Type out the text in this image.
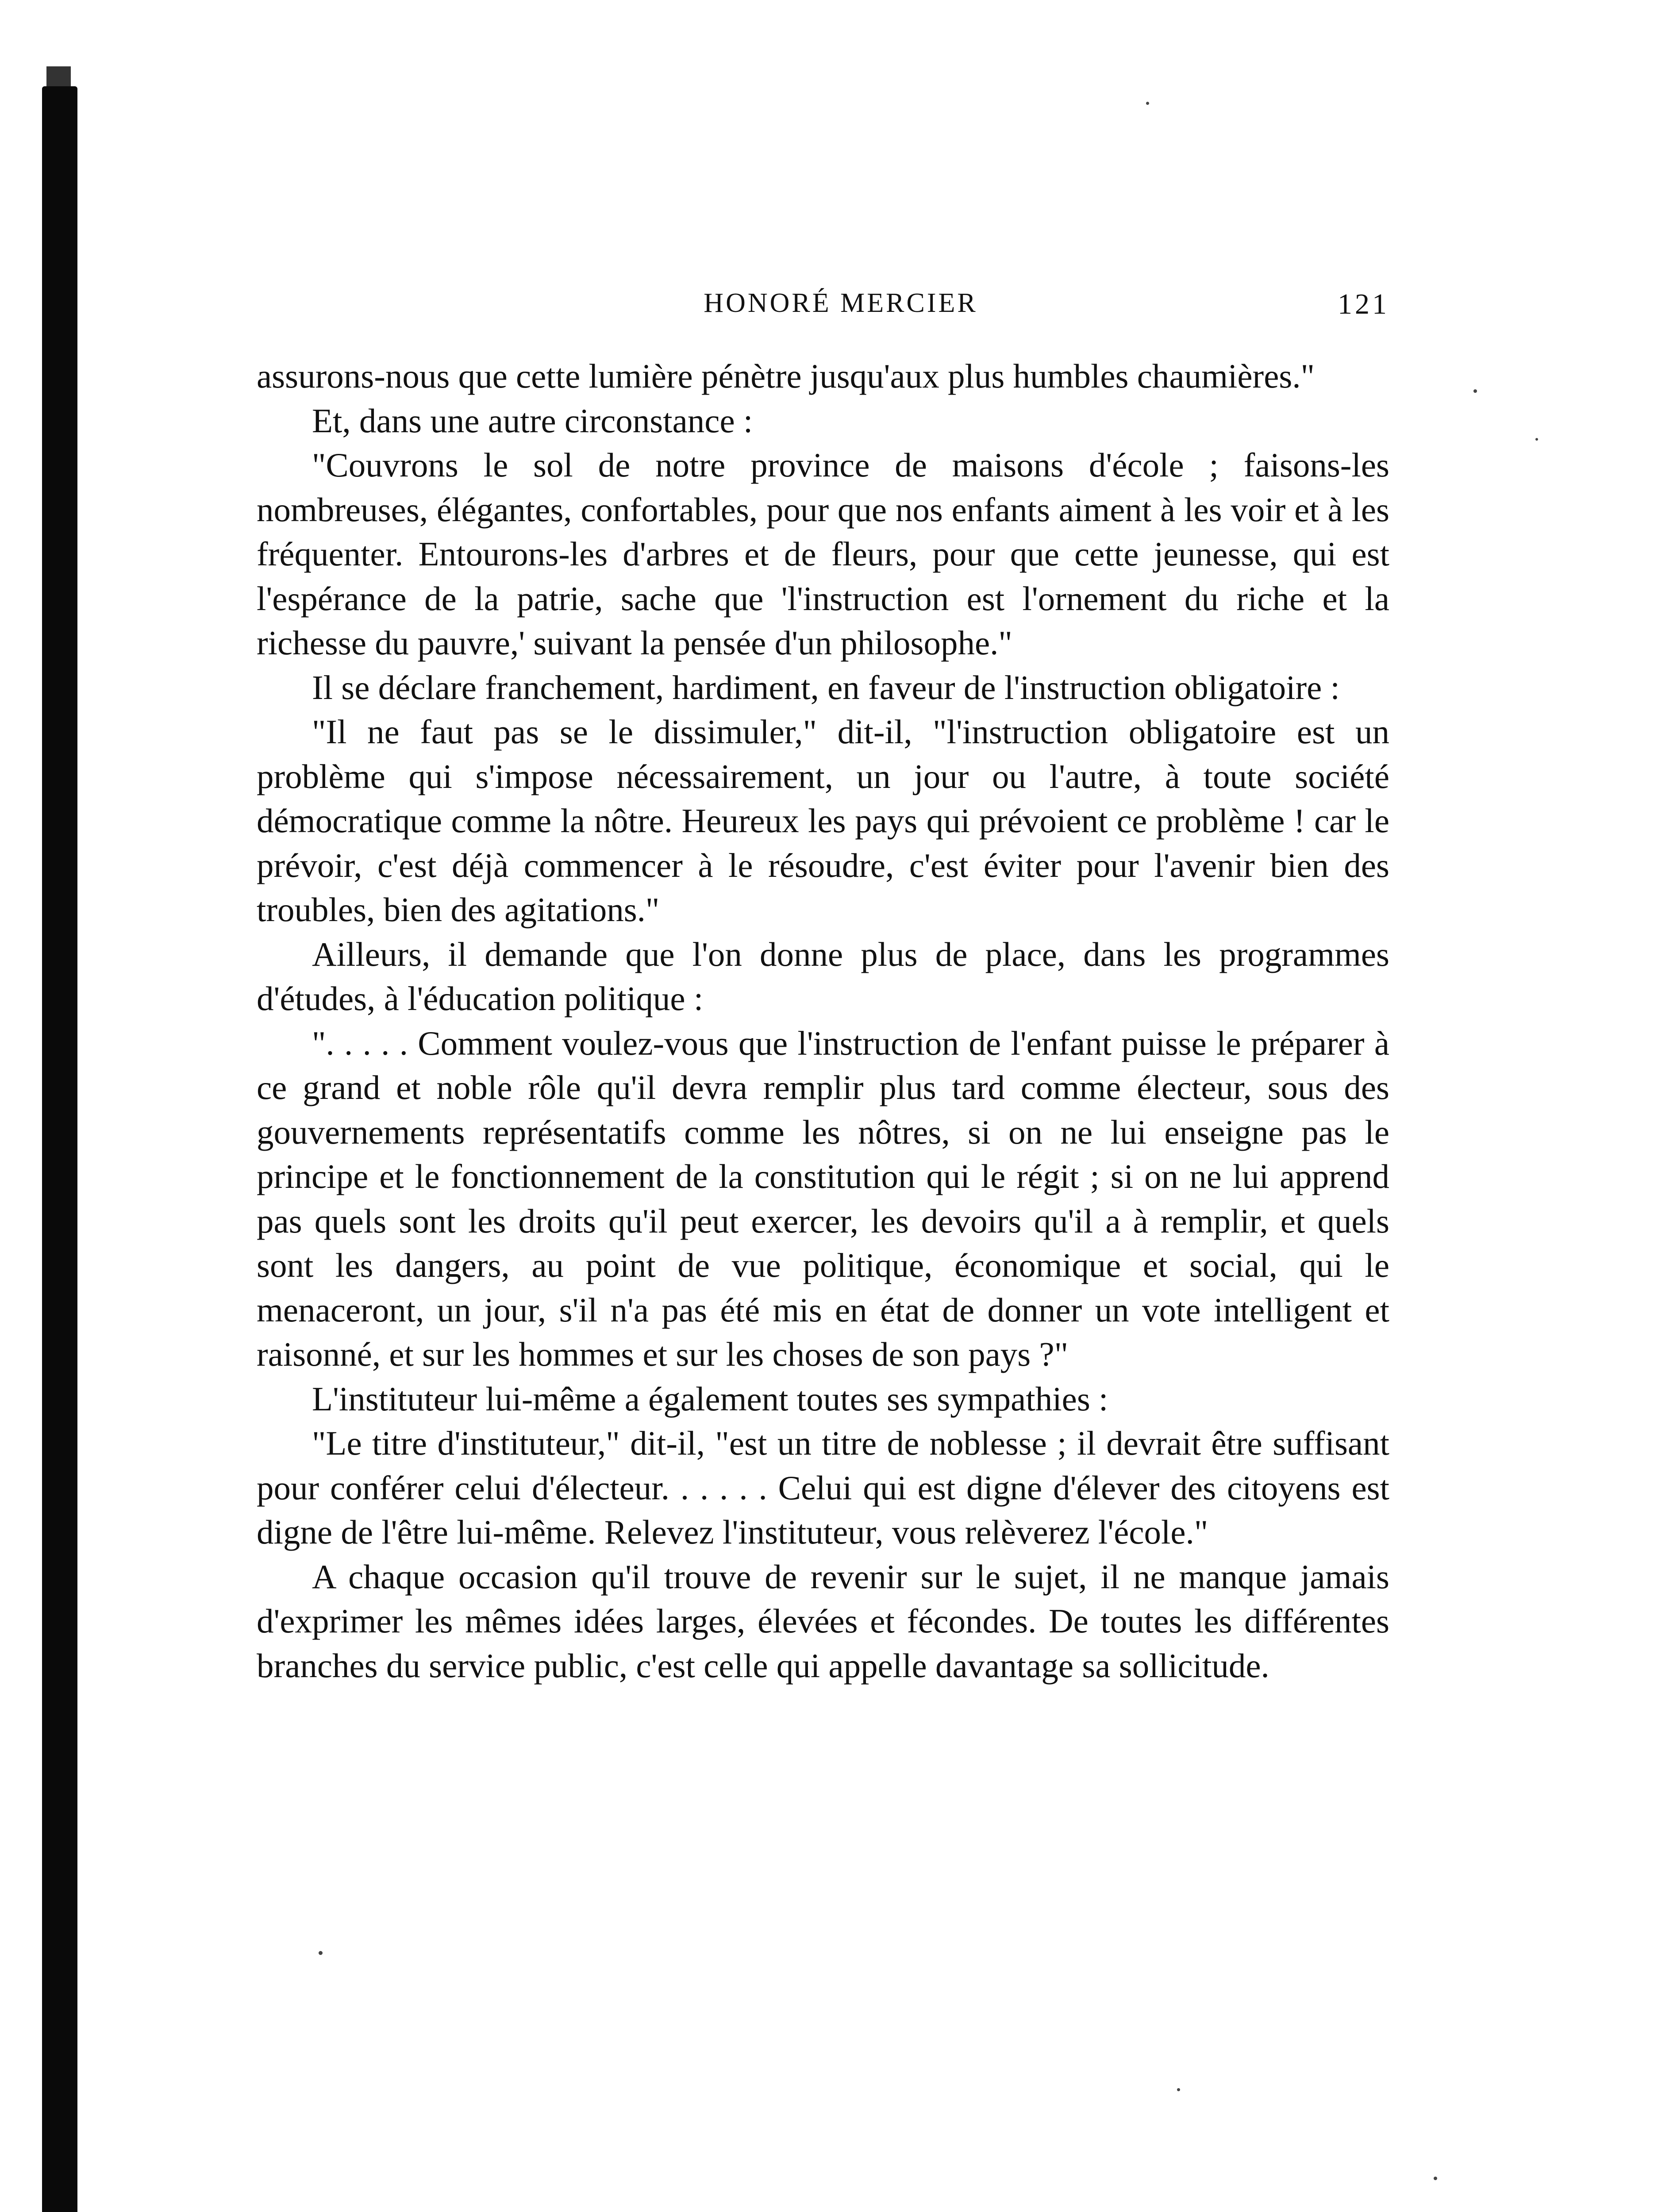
HONORÉ MERCIER	121

assurons-nous que cette lumière pénètre jusqu'aux plus humbles chaumières."

Et, dans une autre circonstance :

"Couvrons le sol de notre province de maisons d'école ; faisons-les nombreuses, élégantes, confortables, pour que nos enfants aiment à les voir et à les fréquenter. Entourons-les d'arbres et de fleurs, pour que cette jeunesse, qui est l'espérance de la patrie, sache que 'l'instruction est l'ornement du riche et la richesse du pauvre,' suivant la pensée d'un philosophe."

Il se déclare franchement, hardiment, en faveur de l'instruction obligatoire :

"Il ne faut pas se le dissimuler," dit-il, "l'instruction obligatoire est un problème qui s'impose nécessairement, un jour ou l'autre, à toute société démocratique comme la nôtre. Heureux les pays qui prévoient ce problème ! car le prévoir, c'est déjà commencer à le résoudre, c'est éviter pour l'avenir bien des troubles, bien des agitations."

Ailleurs, il demande que l'on donne plus de place, dans les programmes d'études, à l'éducation politique :

". . . . . Comment voulez-vous que l'instruction de l'enfant puisse le préparer à ce grand et noble rôle qu'il devra remplir plus tard comme électeur, sous des gouvernements représentatifs comme les nôtres, si on ne lui enseigne pas le principe et le fonctionnement de la constitution qui le régit ; si on ne lui apprend pas quels sont les droits qu'il peut exercer, les devoirs qu'il a à remplir, et quels sont les dangers, au point de vue politique, économique et social, qui le menaceront, un jour, s'il n'a pas été mis en état de donner un vote intelligent et raisonné, et sur les hommes et sur les choses de son pays ?"

L'instituteur lui-même a également toutes ses sympathies :

"Le titre d'instituteur," dit-il, "est un titre de noblesse ; il devrait être suffisant pour conférer celui d'électeur. . . . . . Celui qui est digne d'élever des citoyens est digne de l'être lui-même. Relevez l'instituteur, vous relèverez l'école."

A chaque occasion qu'il trouve de revenir sur le sujet, il ne manque jamais d'exprimer les mêmes idées larges, élevées et fécondes. De toutes les différentes branches du service public, c'est celle qui appelle davantage sa sollicitude.
